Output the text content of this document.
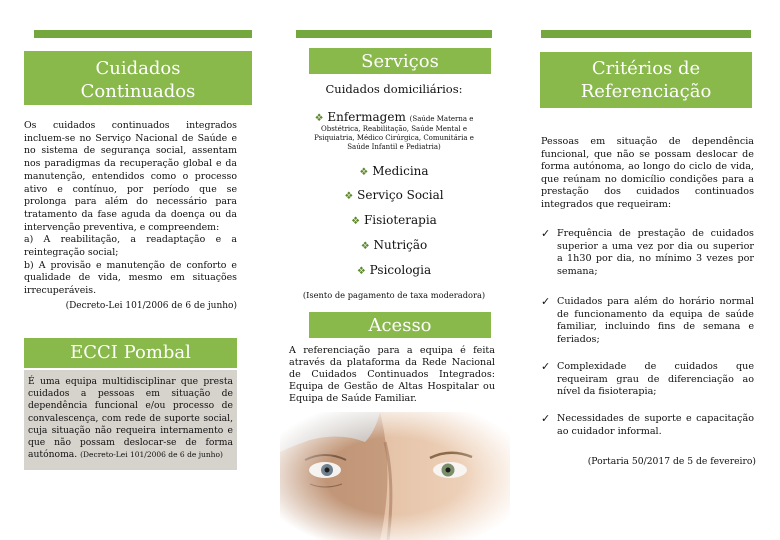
Cuidados Continuados Integrados
Os cuidados continuados integrados incluem-se no Serviço Nacional de Saúde e no sistema de segurança social, assentam nos paradigmas da recuperação global e da manutenção, entendidos como o processo ativo e contínuo, por período que se prolonga para além do necessário para tratamento da fase aguda da doença ou da intervenção preventiva, e compreendem:
a) A reabilitação, a readaptação e a reintegração social;
b) A provisão e manutenção de conforto e qualidade de vida, mesmo em situações irrecuperáveis.
(Decreto-Lei 101/2006 de 6 de junho)
ECCI Pombal
É uma equipa multidisciplinar que presta cuidados a pessoas em situação de dependência funcional e/ou processo de convalescença, com rede de suporte social, cuja situação não requeira internamento e que não possam deslocar-se de forma autónoma. (Decreto-Lei 101/2006 de 6 de junho)
Serviços
Cuidados domiciliários:
❖ Enfermagem (Saúde Materna e
Obstétrica, Reabilitação, Saúde Mental e Psiquiatria, Médico Cirúrgica, Comunitária e Saúde Infantil e Pediatria)
❖ Medicina
❖ Serviço Social
❖ Fisioterapia
❖ Nutrição
❖ Psicologia
(Isento de pagamento de taxa moderadora)
Acesso
A referenciação para a equipa é feita através da plataforma da Rede Nacional de Cuidados Continuados Integrados: Equipa de Gestão de Altas Hospitalar ou Equipa de Saúde Familiar.
Critérios de Referenciação
Pessoas em situação de dependência funcional, que não se possam deslocar de forma autónoma, ao longo do ciclo de vida, que reúnam no domicílio condições para a prestação dos cuidados continuados integrados que requeiram:
✓ Frequência de prestação de cuidados superior a uma vez por dia ou superior a 1h30 por dia, no mínimo 3 vezes por semana;
✓ Cuidados para além do horário normal de funcionamento da equipa de saúde familiar, incluindo fins de semana e feriados;
✓ Complexidade de cuidados que requeiram grau de diferenciação ao nível da fisioterapia;
✓ Necessidades de suporte e capacitação ao cuidador informal.
(Portaria 50/2017 de 5 de fevereiro)
